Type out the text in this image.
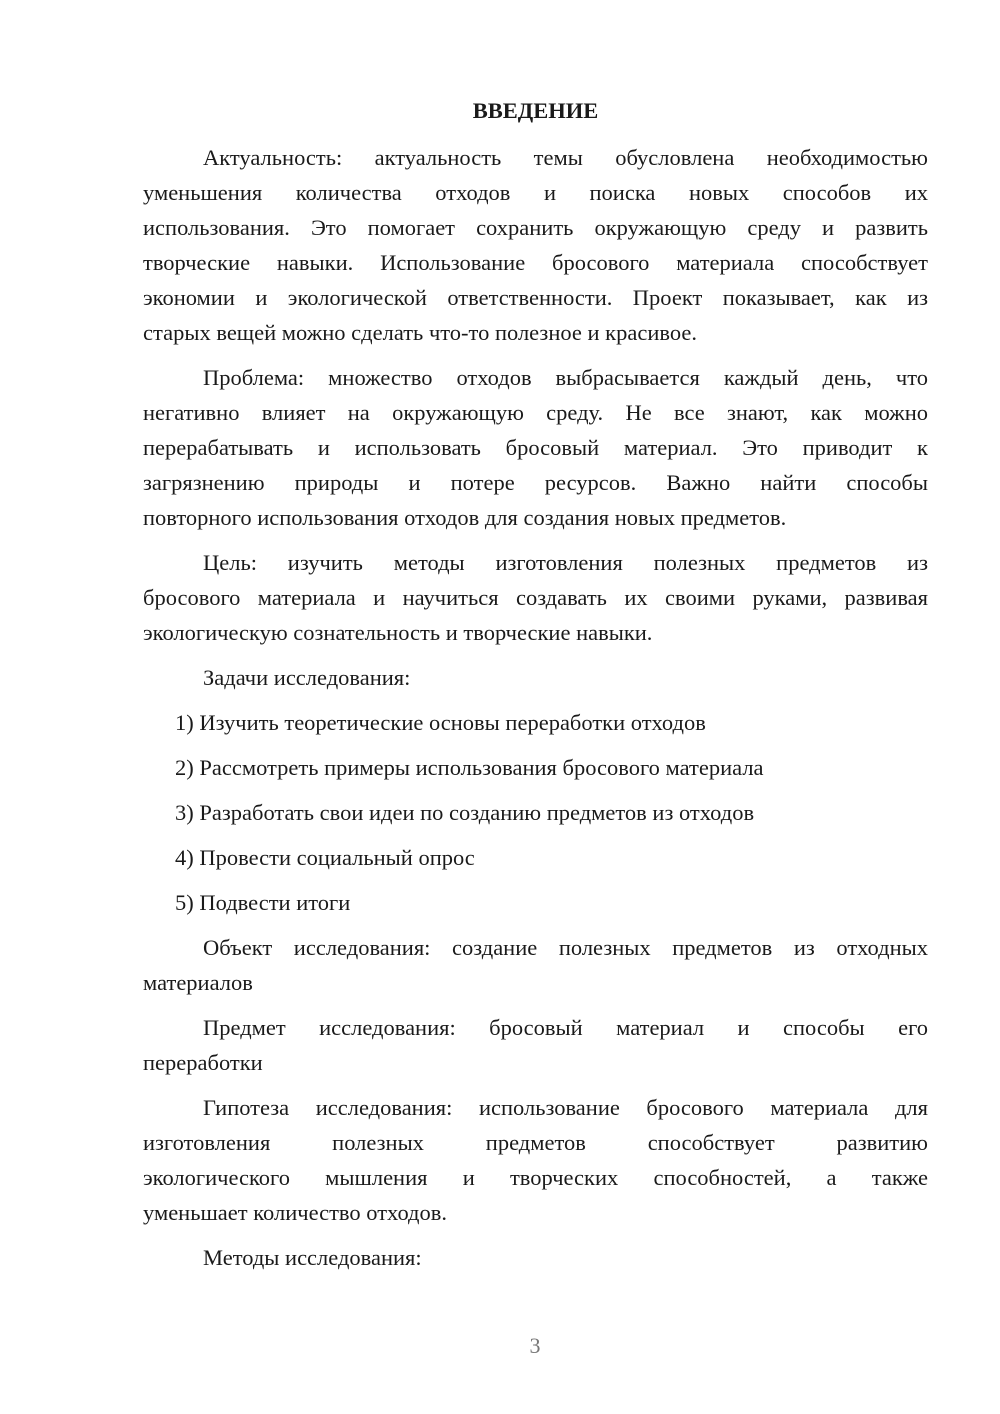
ВВЕДЕНИЕ
Актуальность: актуальность темы обусловлена необходимостью
уменьшения количества отходов и поиска новых способов их
использования. Это помогает сохранить окружающую среду и развить
творческие навыки. Использование бросового материала способствует
экономии и экологической ответственности. Проект показывает, как из
старых вещей можно сделать что-то полезное и красивое.
Проблема: множество отходов выбрасывается каждый день, что
негативно влияет на окружающую среду. Не все знают, как можно
перерабатывать и использовать бросовый материал. Это приводит к
загрязнению природы и потере ресурсов. Важно найти способы
повторного использования отходов для создания новых предметов.
Цель: изучить методы изготовления полезных предметов из
бросового материала и научиться создавать их своими руками, развивая
экологическую сознательность и творческие навыки.
Задачи исследования:
1) Изучить теоретические основы переработки отходов
2) Рассмотреть примеры использования бросового материала
3) Разработать свои идеи по созданию предметов из отходов
4) Провести социальный опрос
5) Подвести итоги
Объект исследования: создание полезных предметов из отходных
материалов
Предмет исследования: бросовый материал и способы его
переработки
Гипотеза исследования: использование бросового материала для
изготовления полезных предметов способствует развитию
экологического мышления и творческих способностей, а также
уменьшает количество отходов.
Методы исследования:
3
